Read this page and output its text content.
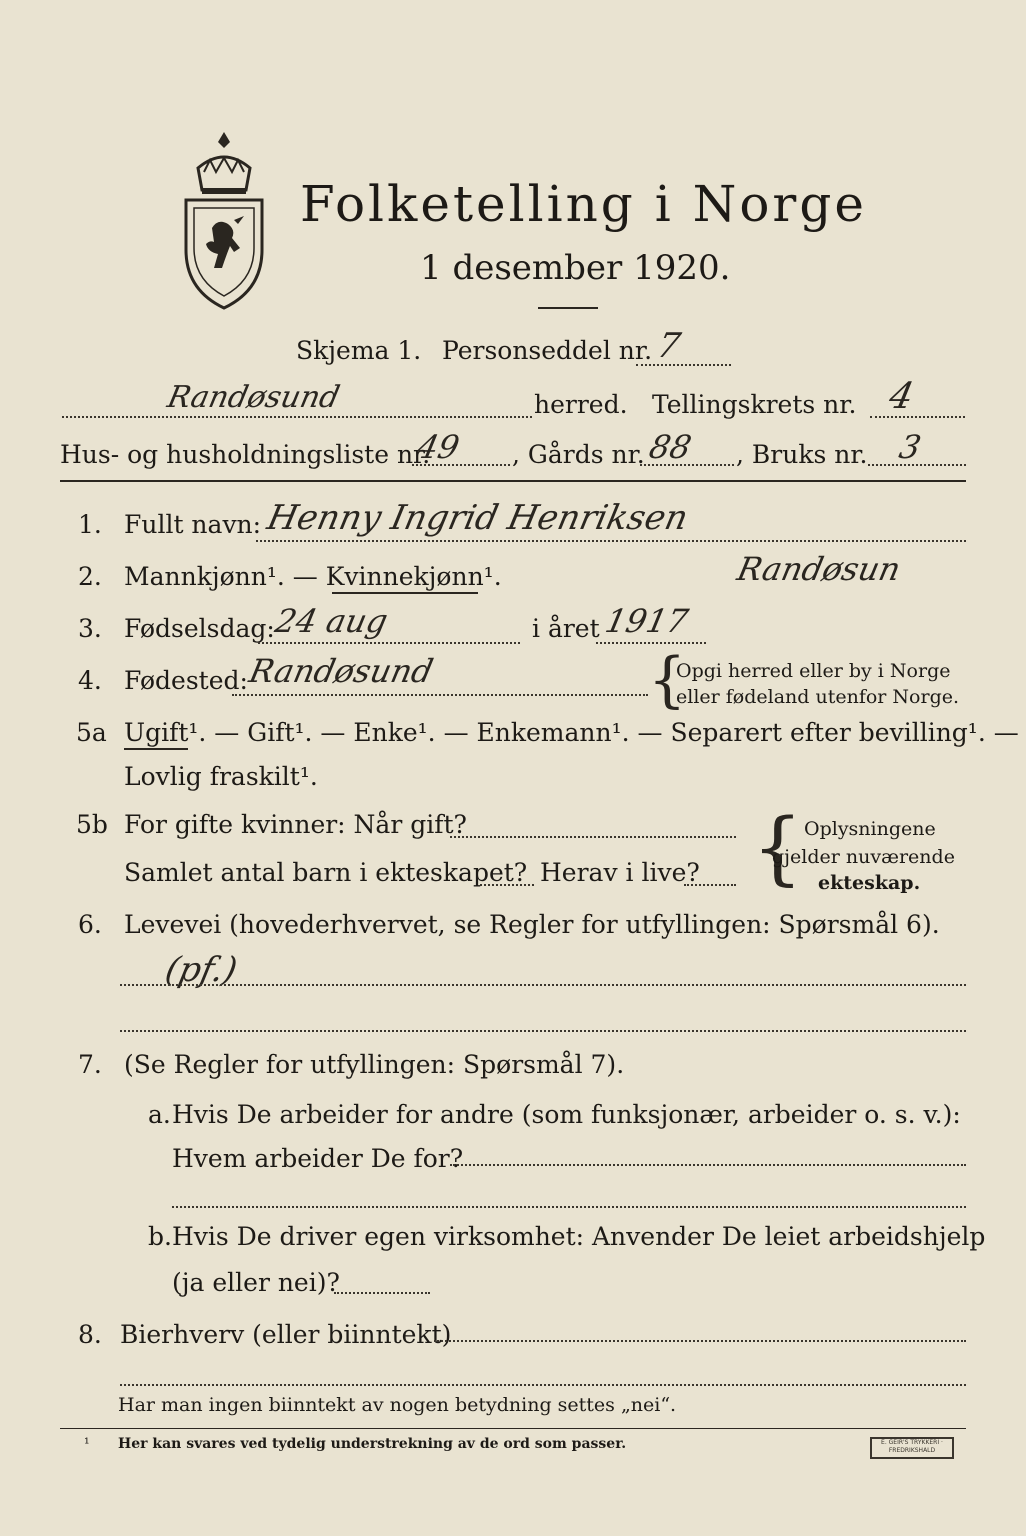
Folketelling i Norge
1 desember 1920.
Skjema 1. Personseddel nr. 7
Randøsund	herred. Tellingskrets nr. 4
Hus- og husholdningsliste nr.
49 , Gårds nr. 88 , Bruks nr. 3
1. Fullt navn: Henny Ingrid Henriksen
2. Mannkjønn¹. — Kvinnekjønn¹.	Randøsun
3. Fødselsdag:
24 aug	i året 1917
4. Fødested:
Randøsund	{
Opgi herred eller by i Norge
eller fødeland utenfor Norge.
5a Ugift¹. — Gift¹. — Enke¹. — Enkemann¹. — Separert efter bevilling¹. —
Lovlig fraskilt¹.
5b For gifte kvinner: Når gift?
Samlet antal barn i ekteskapet? Herav i live? { Oplysningene
gjelder nuværende
ekteskap.
6. Levevei (hovederhvervet, se Regler for utfyllingen: Spørsmål 6).
(pf.)
7. (Se Regler for utfyllingen: Spørsmål 7).
a. Hvis De arbeider for andre (som funksjonær, arbeider o. s. v.):
Hvem arbeider De for?
b. Hvis De driver egen virksomhet: Anvender De leiet arbeidshjelp
(ja eller nei)?
8. Bierhverv (eller biinntekt)
Har man ingen biinntekt av nogen betydning settes „nei“.
¹ Her kan svares ved tydelig understrekning av de ord som passer.	E. GEIR'S TRYKKERI · FREDRIKSHALD
